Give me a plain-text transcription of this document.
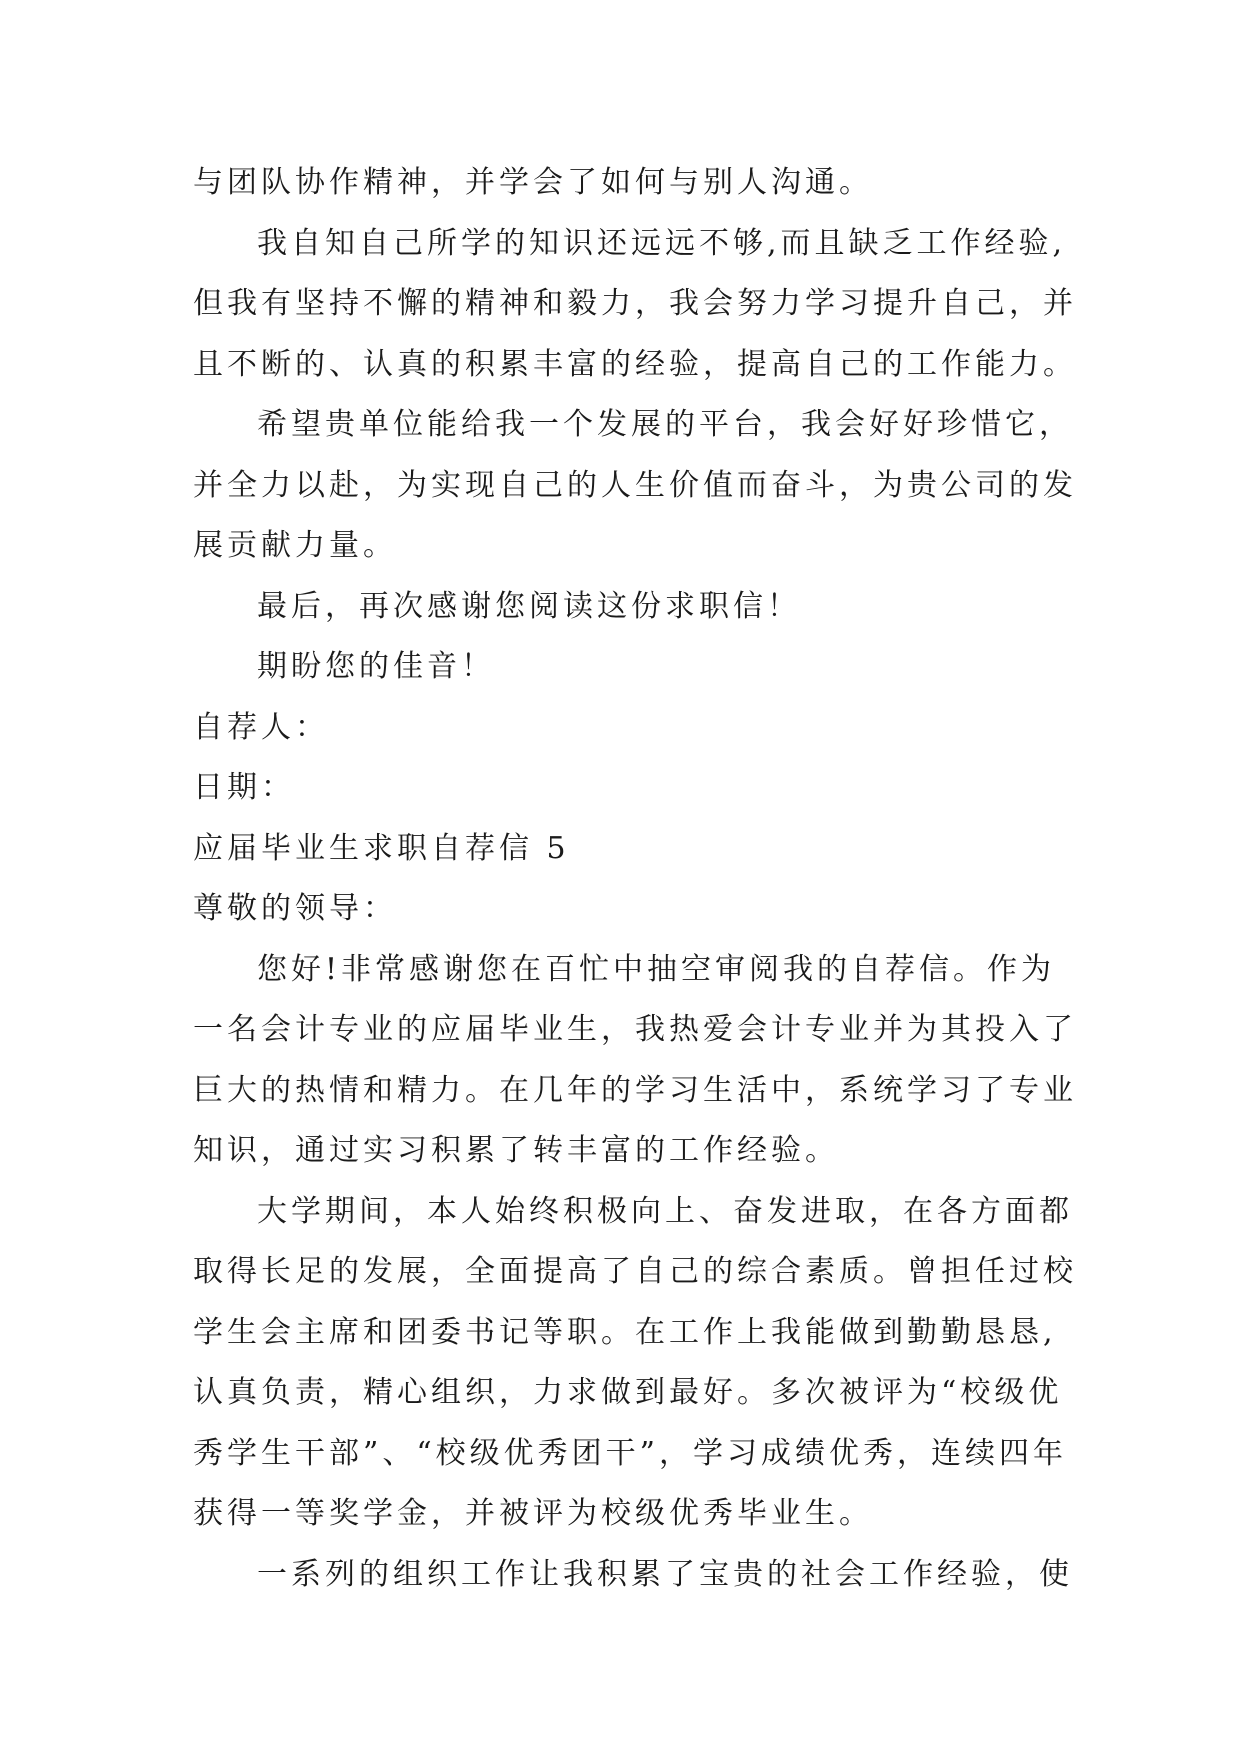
与团队协作精神，并学会了如何与别人沟通。
我自知自己所学的知识还远远不够,而且缺乏工作经验,
但我有坚持不懈的精神和毅力，我会努力学习提升自己，并
且不断的、认真的积累丰富的经验，提高自己的工作能力。
希望贵单位能给我一个发展的平台，我会好好珍惜它，
并全力以赴，为实现自己的人生价值而奋斗，为贵公司的发
展贡献力量。
最后，再次感谢您阅读这份求职信！
期盼您的佳音！
自荐人：
日期：
应届毕业生求职自荐信 5
尊敬的领导：
您好!非常感谢您在百忙中抽空审阅我的自荐信。作为
一名会计专业的应届毕业生，我热爱会计专业并为其投入了
巨大的热情和精力。在几年的学习生活中，系统学习了专业
知识，通过实习积累了转丰富的工作经验。
大学期间，本人始终积极向上、奋发进取，在各方面都
取得长足的发展，全面提高了自己的综合素质。曾担任过校
学生会主席和团委书记等职。在工作上我能做到勤勤恳恳,
认真负责，精心组织，力求做到最好。多次被评为“校级优
秀学生干部”、“校级优秀团干”，学习成绩优秀，连续四年
获得一等奖学金，并被评为校级优秀毕业生。
一系列的组织工作让我积累了宝贵的社会工作经验，使
